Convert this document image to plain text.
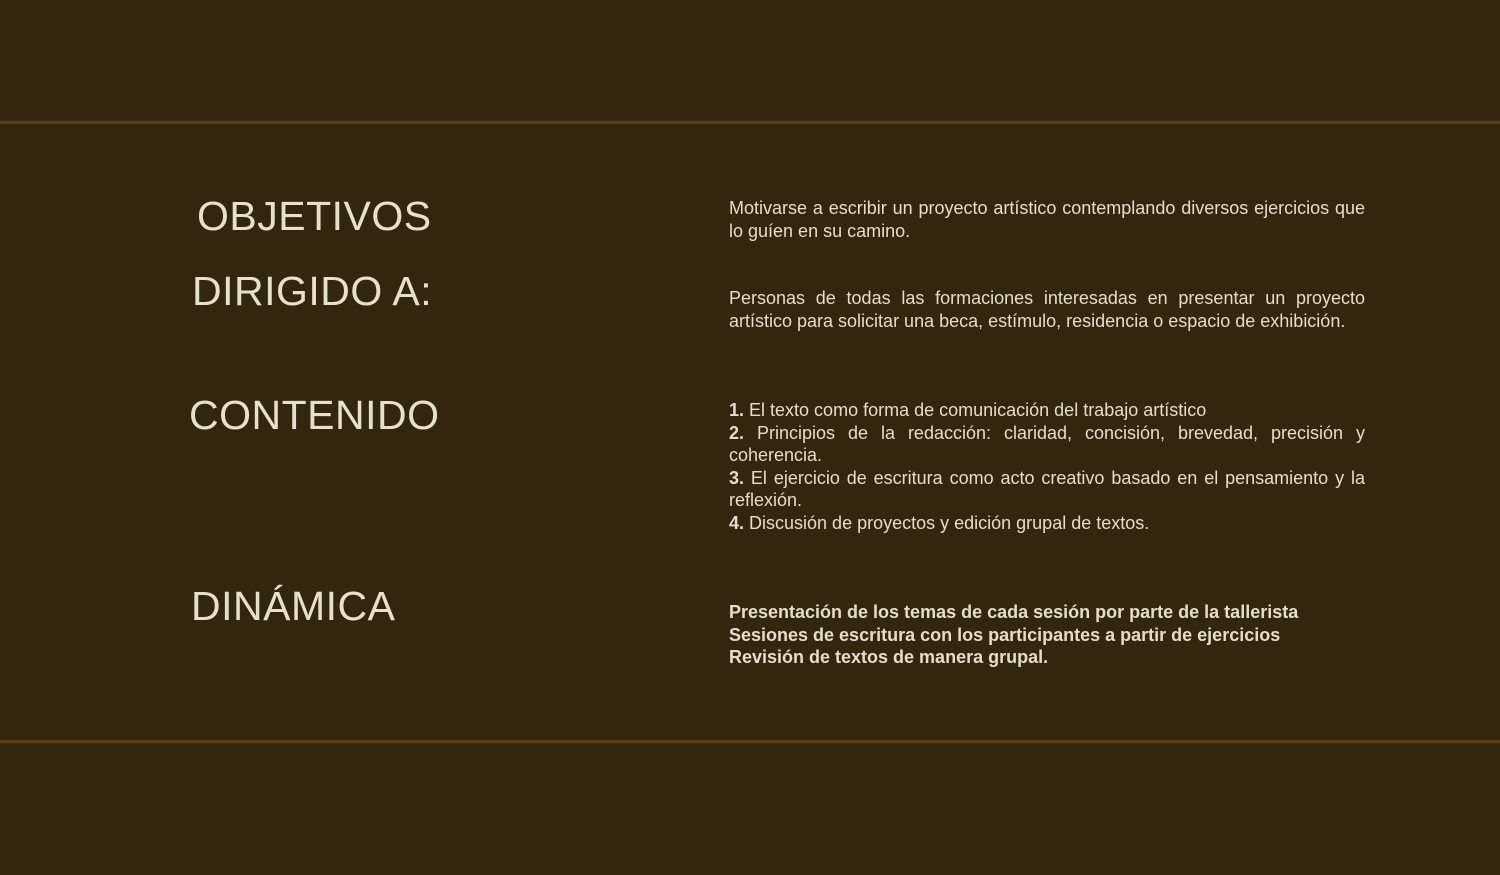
OBJETIVOS	Motivarse a escribir un proyecto artístico contemplando diversos ejercicios que lo guíen en su camino.

DIRIGIDO A:	Personas de todas las formaciones interesadas en presentar un proyecto artístico para solicitar una beca, estímulo, residencia o espacio de exhibición.

CONTENIDO	1. El texto como forma de comunicación del trabajo artístico
2. Principios de la redacción: claridad, concisión, brevedad, precisión y coherencia.
3. El ejercicio de escritura como acto creativo basado en el pensamiento y la reflexión.
4. Discusión de proyectos y edición grupal de textos.
DINÁMICA	Presentación de los temas de cada sesión por parte de la tallerista
Sesiones de escritura con los participantes a partir de ejercicios
Revisión de textos de manera grupal.
